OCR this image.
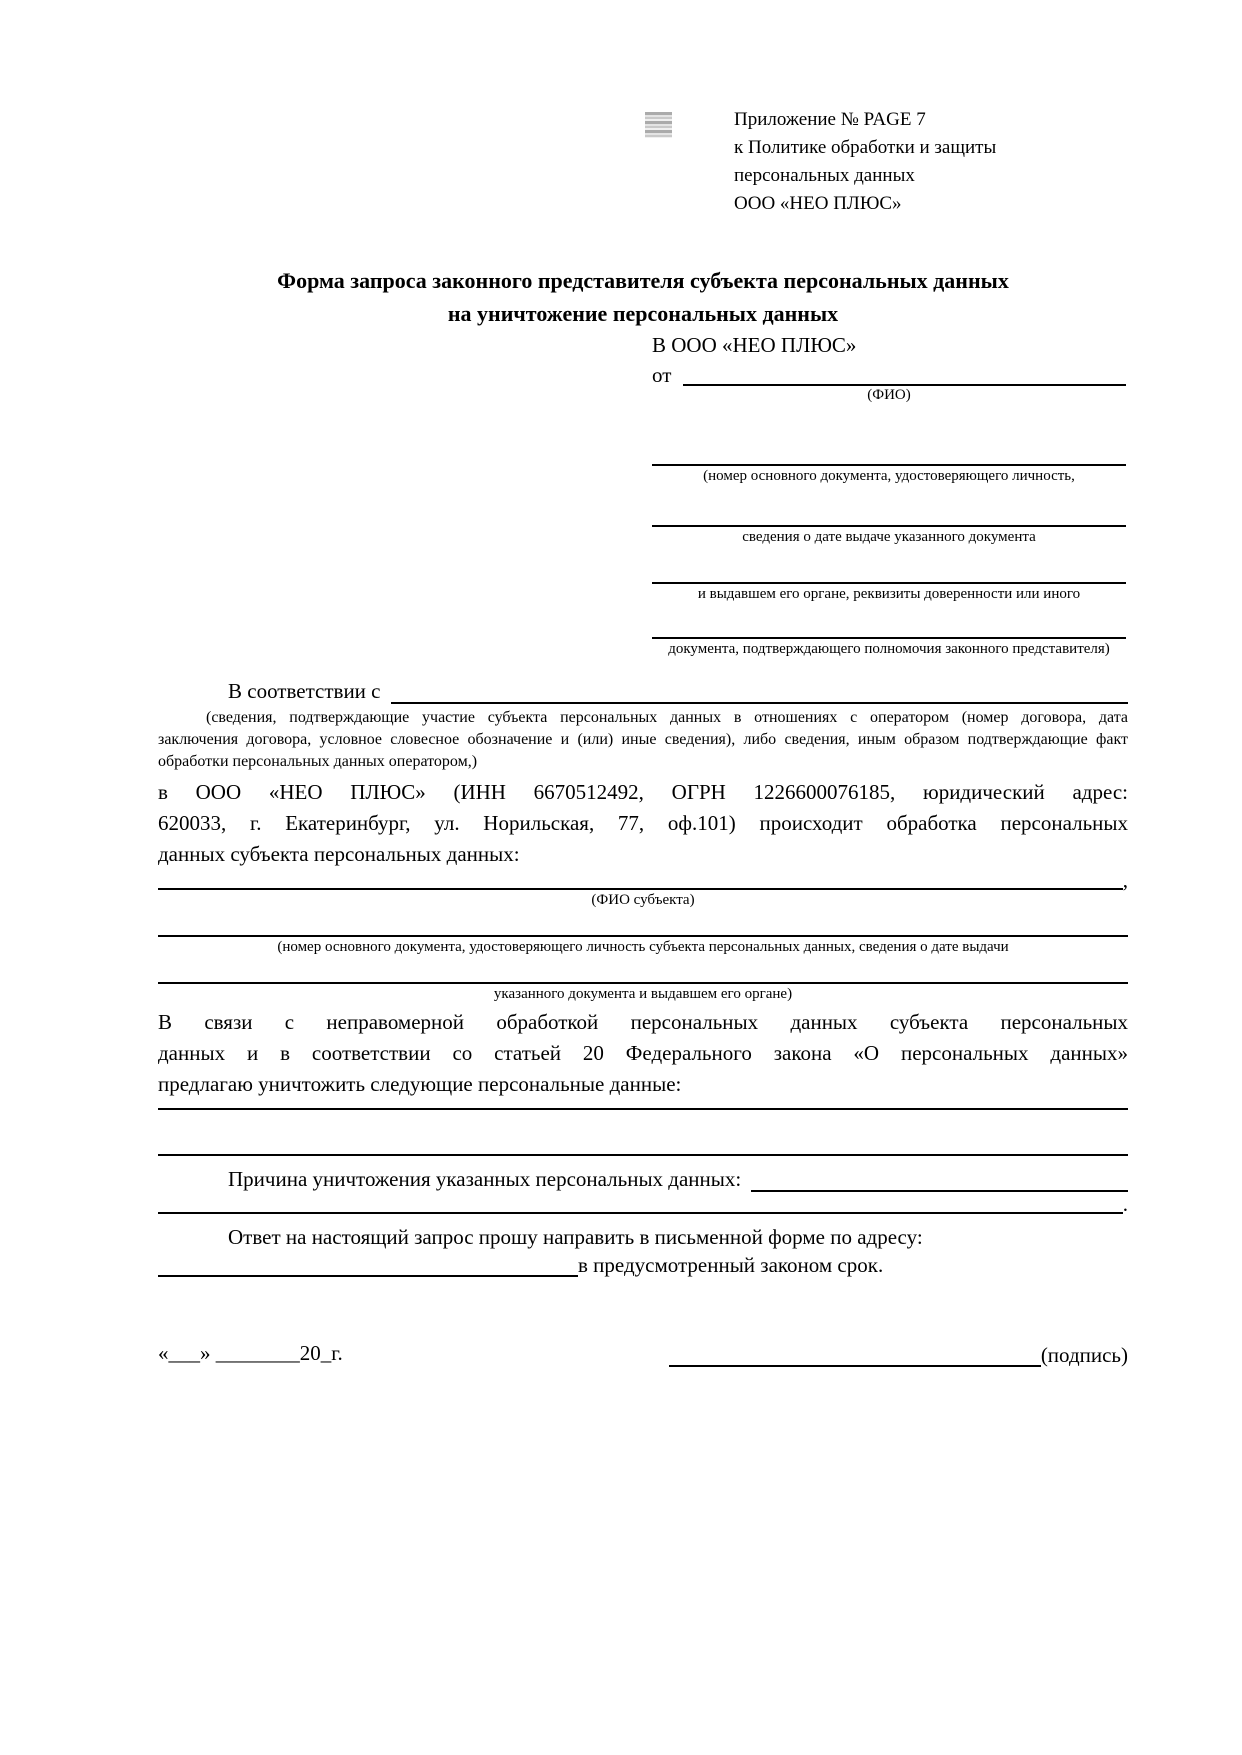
Приложение № PAGE 7
к Политике обработки и защиты
персональных данных
ООО «НЕО ПЛЮС»
Форма запроса законного представителя субъекта персональных данных
на уничтожение персональных данных
В ООО «НЕО ПЛЮС»
от
(ФИО)
(номер основного документа, удостоверяющего личность,
сведения о дате выдаче указанного документа
и выдавшем его органе, реквизиты доверенности или иного
документа, подтверждающего полномочия законного представителя)
В соответствии с
(сведения, подтверждающие участие субъекта персональных данных в отношениях с оператором (номер договора, дата
заключения договора, условное словесное обозначение и (или) иные сведения), либо сведения, иным образом подтверждающие факт
обработки персональных данных оператором,)
в ООО «НЕО ПЛЮС» (ИНН 6670512492, ОГРН 1226600076185, юридический адрес:
620033, г. Екатеринбург, ул. Норильская, 77, оф.101) происходит обработка персональных
данных субъекта персональных данных:
,
(ФИО субъекта)
(номер основного документа, удостоверяющего личность субъекта персональных данных, сведения о дате выдачи
указанного документа и выдавшем его органе)
В связи с неправомерной обработкой персональных данных субъекта персональных
данных и в соответствии со статьей 20 Федерального закона «О персональных данных»
предлагаю уничтожить следующие персональные данные:
Причина уничтожения указанных персональных данных:
.
Ответ на настоящий запрос прошу направить в письменной форме по адресу:
в предусмотренный законом срок.
«___» ________20_г.	(подпись)
